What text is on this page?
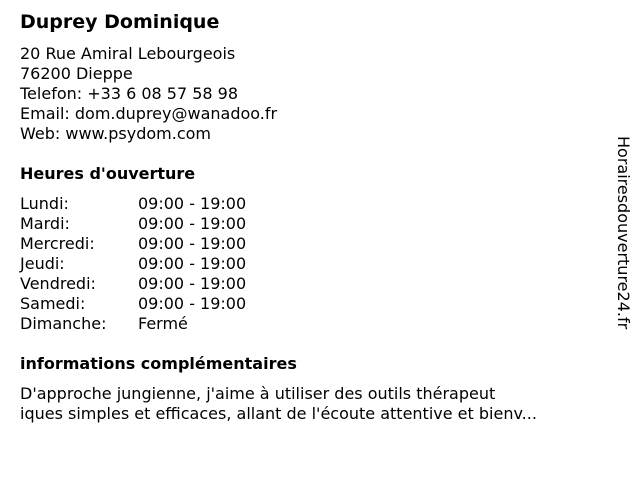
Duprey Dominique
20 Rue Amiral Lebourgeois
76200 Dieppe
Telefon: +33 6 08 57 58 98
Email: dom.duprey@wanadoo.fr
Web: www.psydom.com
Heures d'ouverture
Lundi:	09:00 - 19:00
Mardi:	09:00 - 19:00
Mercredi:	09:00 - 19:00
Jeudi:	09:00 - 19:00
Vendredi:	09:00 - 19:00
Samedi:	09:00 - 19:00
Dimanche:	Fermé
informations complémentaires
D'approche jungienne, j'aime à utiliser des outils thérapeut
iques simples et efficaces, allant de l'écoute attentive et bienv...
Horairesdouverture24.fr
